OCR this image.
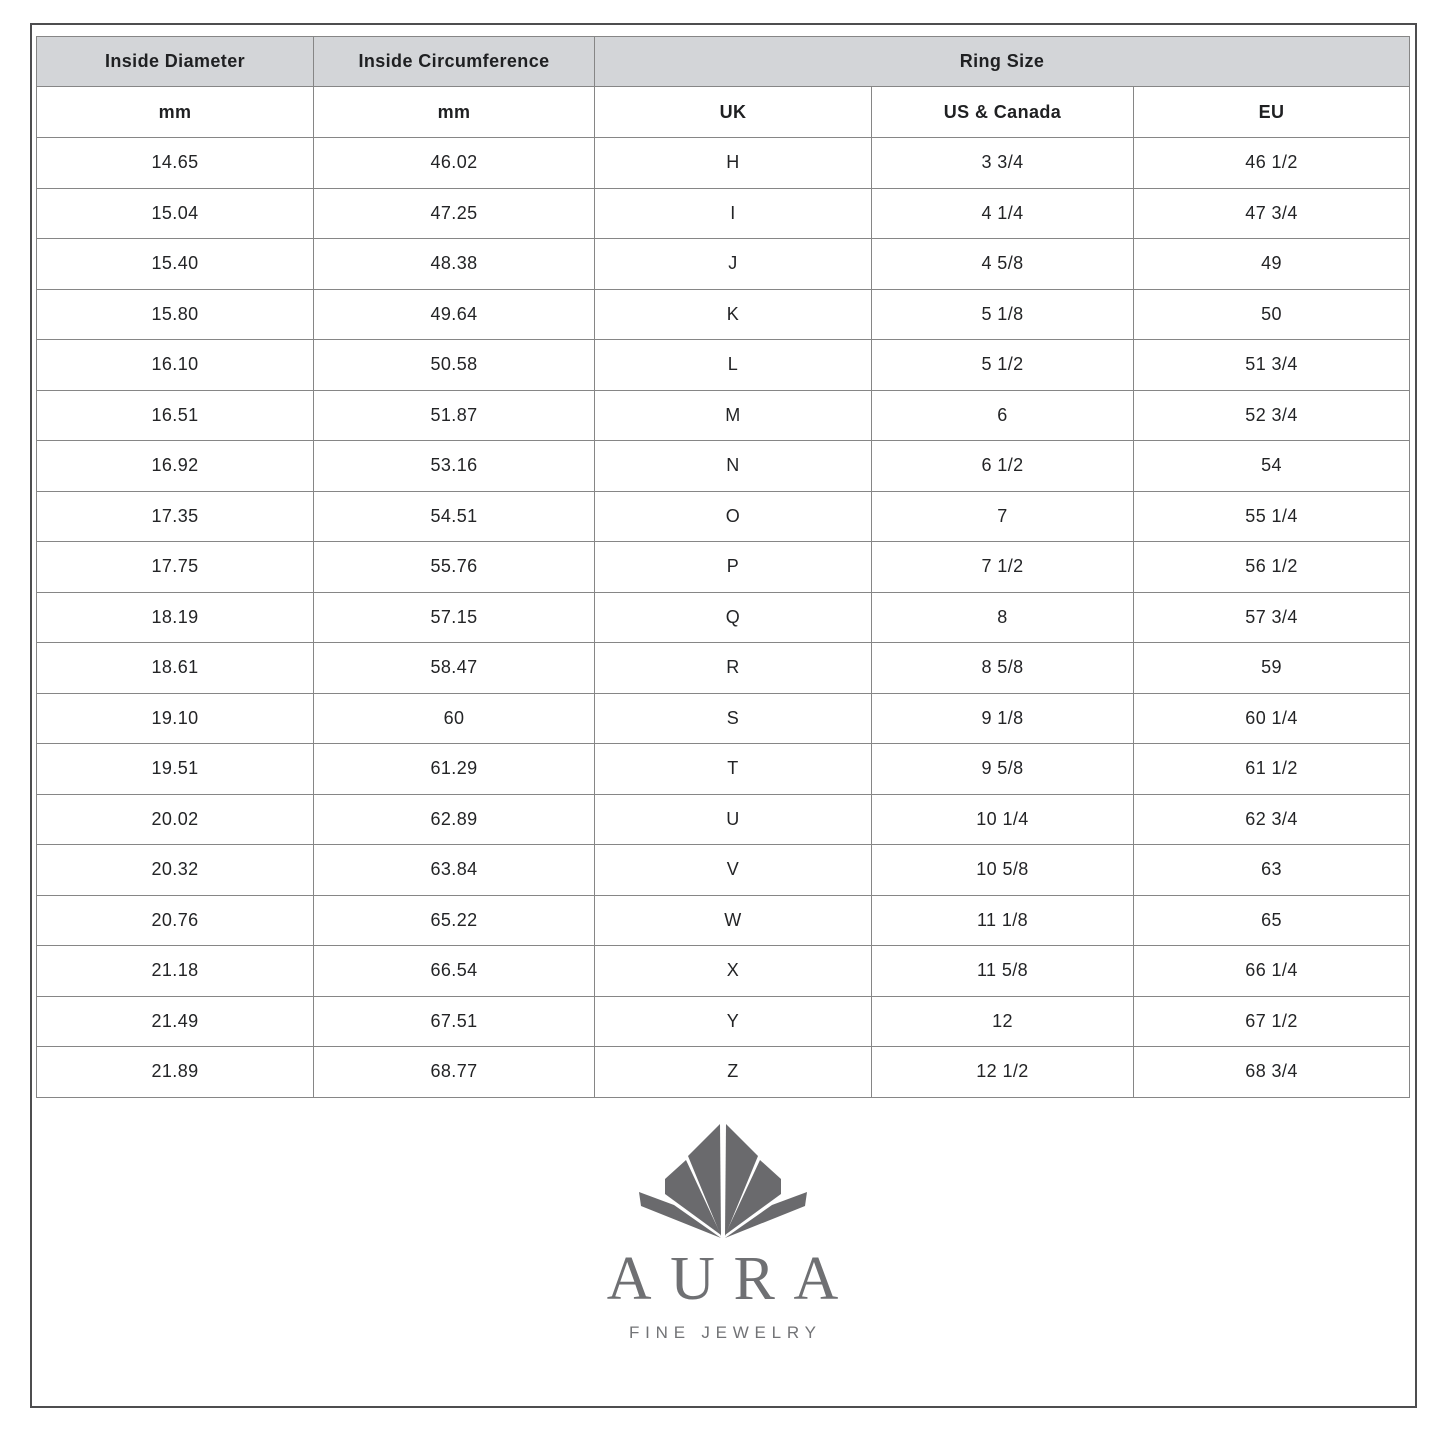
Inside Diameter	Inside Circumference	Ring Size		
mm	mm	UK	US & Canada	EU
14.65	46.02	H	3 3/4	46 1/2
15.04	47.25	I	4 1/4	47 3/4
15.40	48.38	J	4 5/8	49
15.80	49.64	K	5 1/8	50
16.10	50.58	L	5 1/2	51 3/4
16.51	51.87	M	6	52 3/4
16.92	53.16	N	6 1/2	54
17.35	54.51	O	7	55 1/4
17.75	55.76	P	7 1/2	56 1/2
18.19	57.15	Q	8	57 3/4
18.61	58.47	R	8 5/8	59
19.10	60	S	9 1/8	60 1/4
19.51	61.29	T	9 5/8	61 1/2
20.02	62.89	U	10 1/4	62 3/4
20.32	63.84	V	10 5/8	63
20.76	65.22	W	11 1/8	65
21.18	66.54	X	11 5/8	66 1/4
21.49	67.51	Y	12	67 1/2
21.89	68.77	Z	12 1/2	68 3/4
AURA
FINE JEWELRY
